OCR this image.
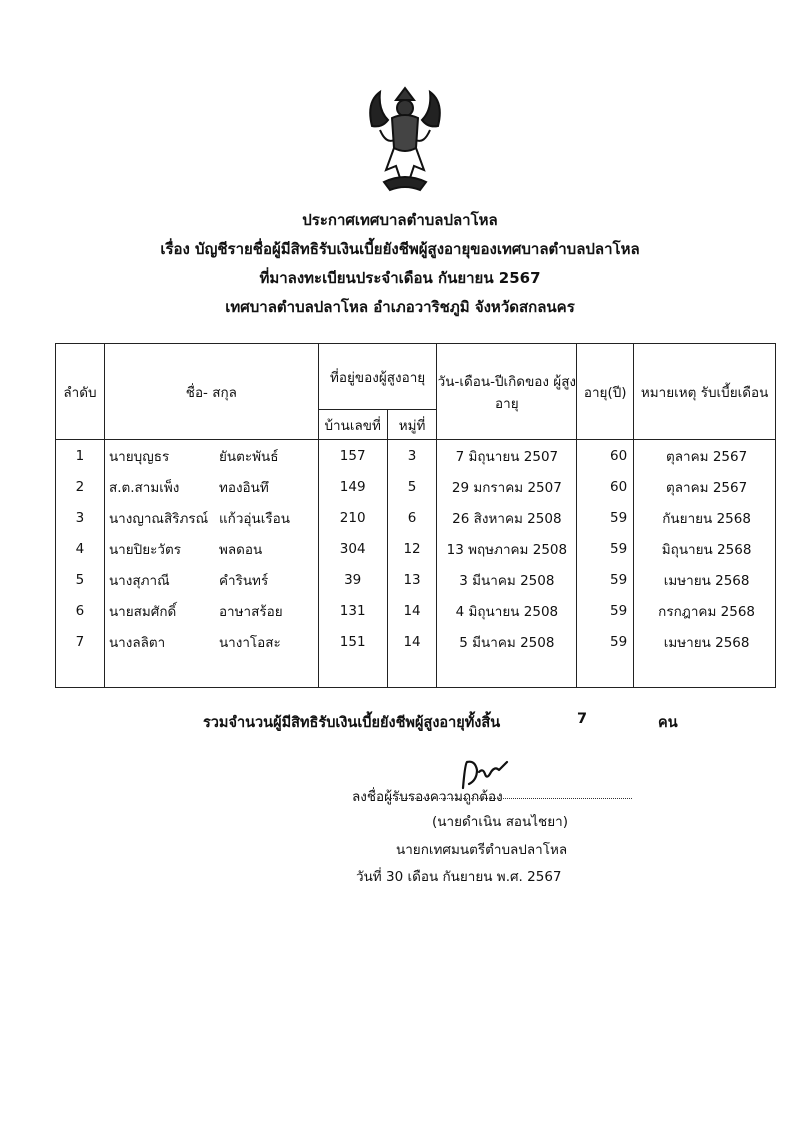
ประกาศเทศบาลตำบลปลาโหล
เรื่อง บัญชีรายชื่อผู้มีสิทธิรับเงินเบี้ยยังชีพผู้สูงอายุของเทศบาลตำบลปลาโหล
ที่มาลงทะเบียนประจำเดือน กันยายน 2567
เทศบาลตำบลปลาโหล อำเภอวาริชภูมิ จังหวัดสกลนคร
ลำดับ	ชื่อ- สกุล	ที่อยู่ของผู้สูงอายุ		วัน-เดือน-ปีเกิดของ ผู้สูงอายุ	อายุ(ปี)	หมายเหตุ รับเบี้ยเดือน
		บ้านเลขที่	หมู่ที่			
1	นายบุญธร ยันตะพันธ์	157	3	7 มิถุนายน 2507	60	ตุลาคม 2567
2	ส.ต.สามเพ็ง ทองอินทึ	149	5	29 มกราคม 2507	60	ตุลาคม 2567
3	นางญาณสิริภรณ์ แก้วอุ่นเรือน	210	6	26 สิงหาคม 2508	59	กันยายน 2568
4	นายปิยะวัตร พลดอน	304	12	13 พฤษภาคม 2508	59	มิถุนายน 2568
5	นางสุภาณี คำรินทร์	39	13	3 มีนาคม 2508	59	เมษายน 2568
6	นายสมศักดิ์ อาษาสร้อย	131	14	4 มิถุนายน 2508	59	กรกฎาคม 2568
7	นางลลิตา นางาโอสะ	151	14	5 มีนาคม 2508	59	เมษายน 2568

รวมจำนวนผู้มีสิทธิรับเงินเบี้ยยังชีพผู้สูงอายุทั้งสิ้น	7	คน
ลงชื่อผู้รับรองความถูกต้อง
(นายดำเนิน สอนไชยา)
นายกเทศมนตรีตำบลปลาโหล
วันที่ 30 เดือน กันยายน พ.ศ. 2567
